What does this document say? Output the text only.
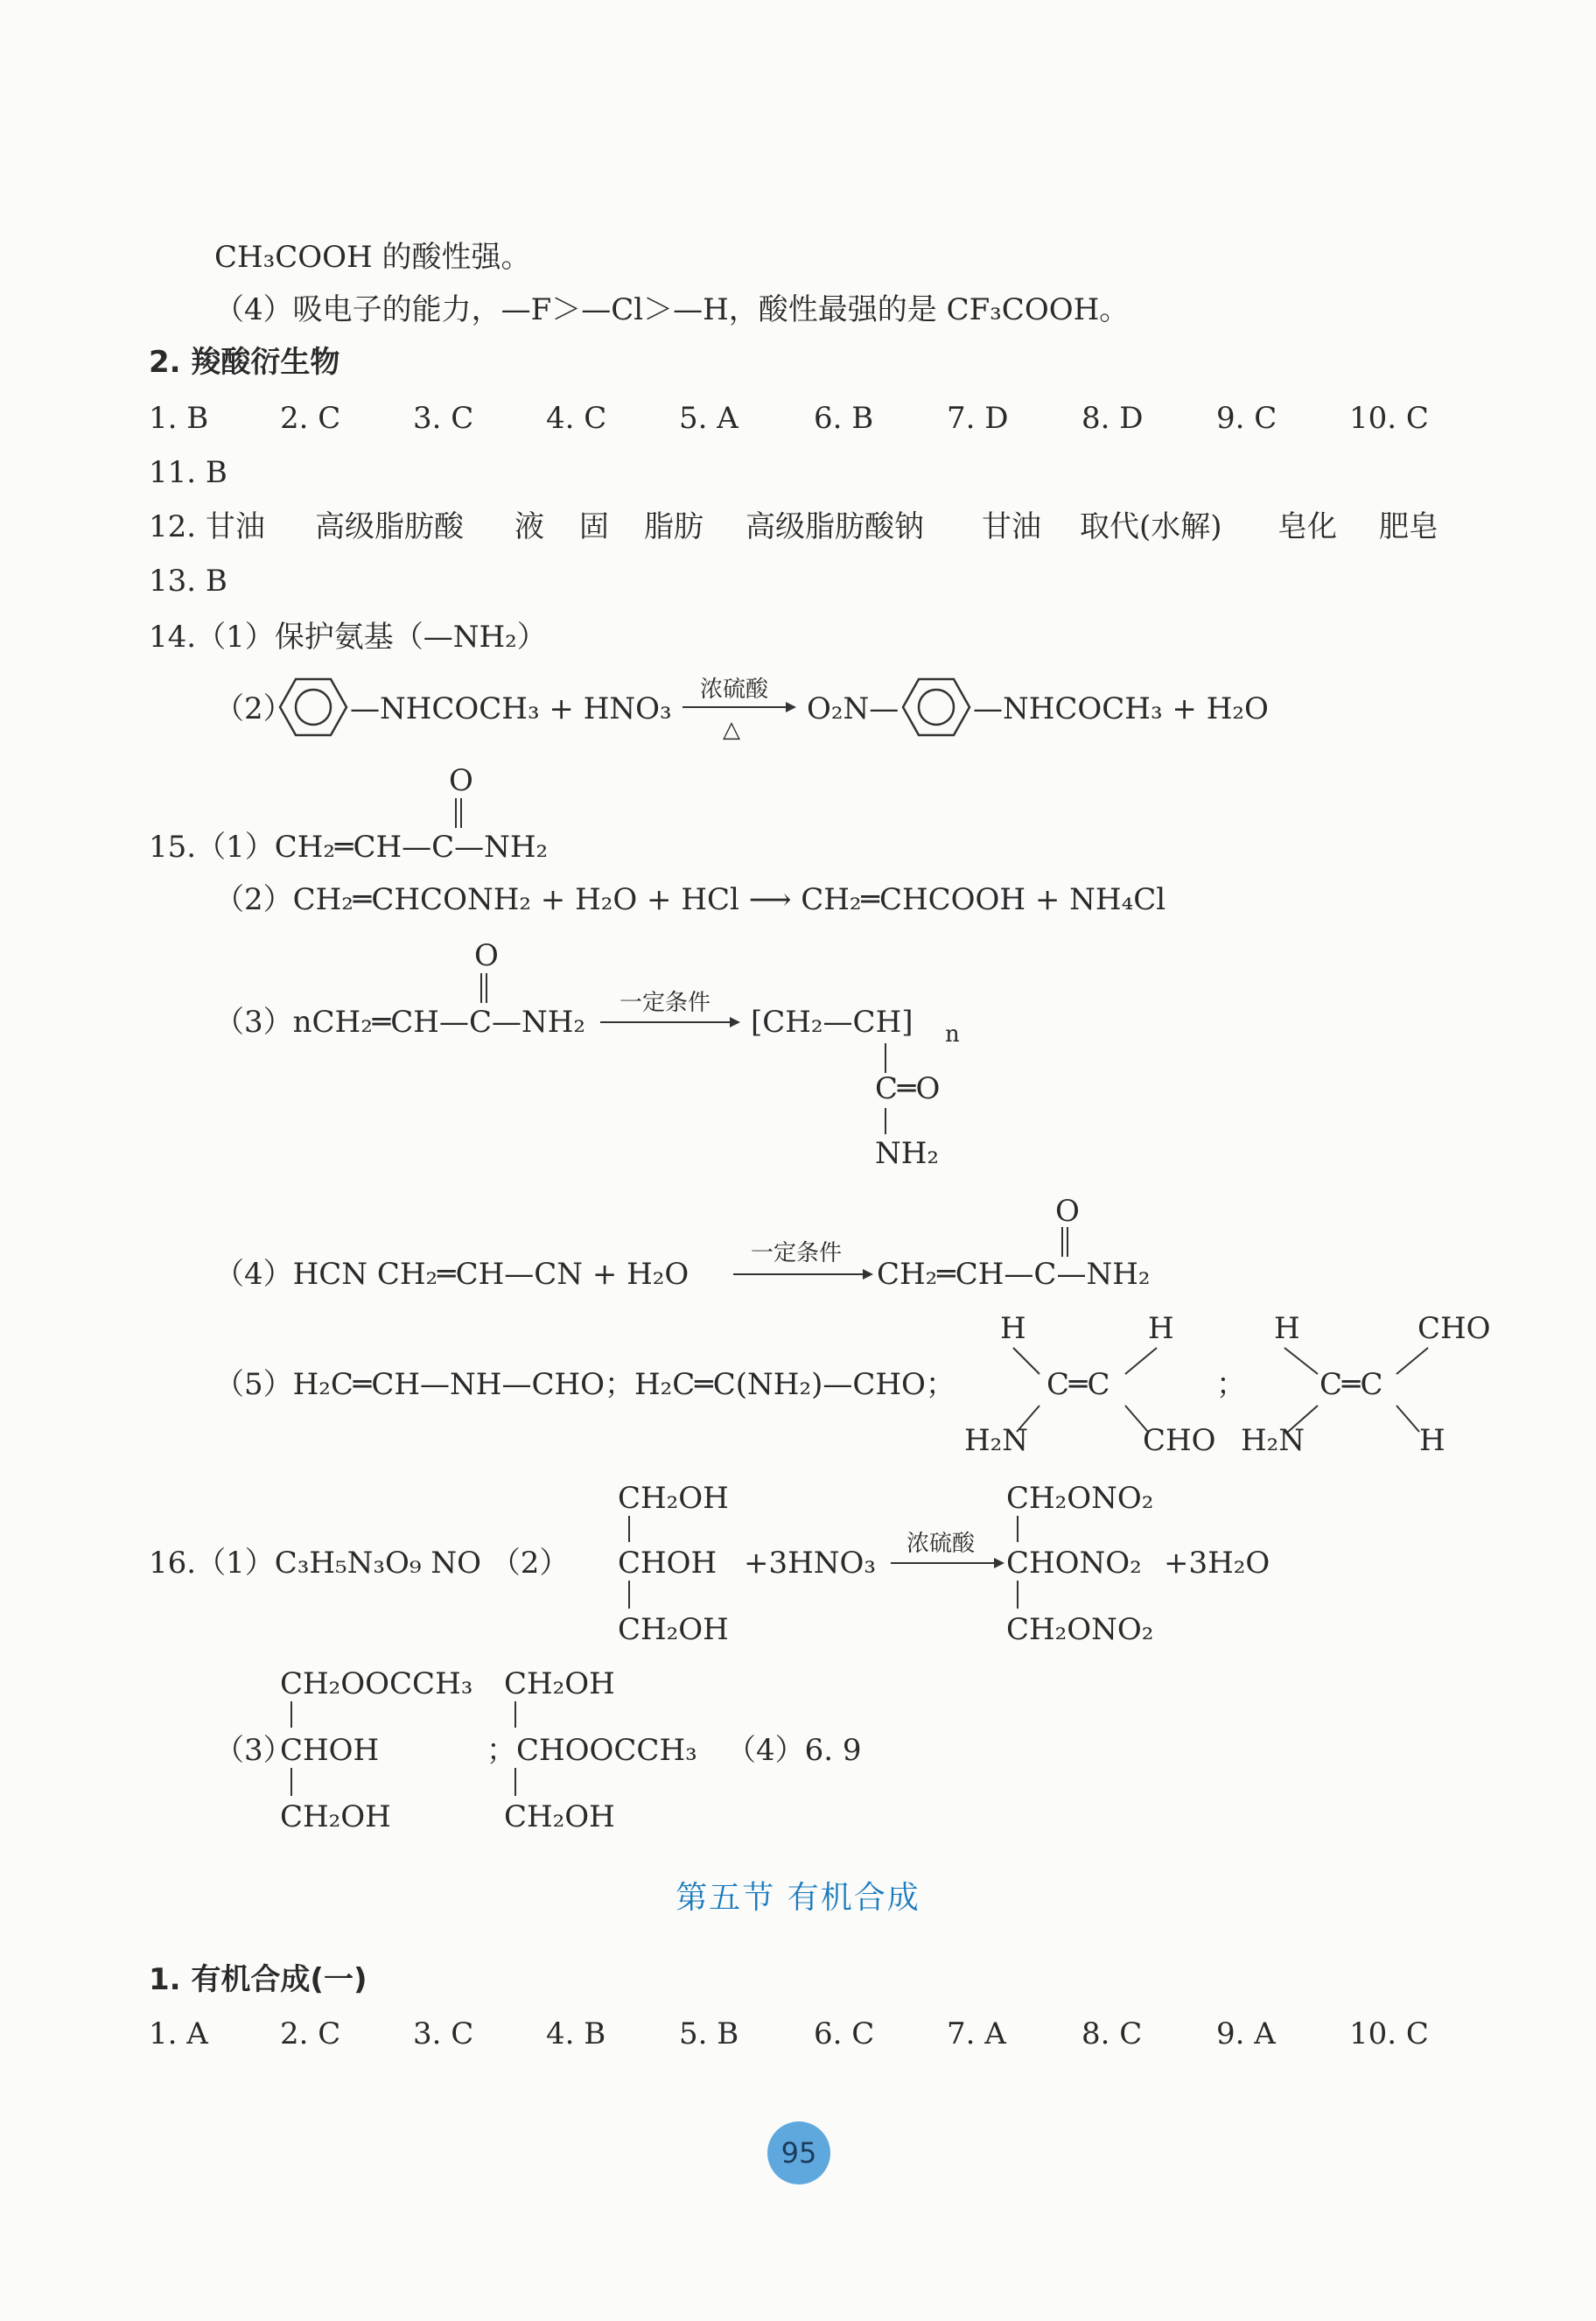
CH₃COOH 的酸性强。
（4）吸电子的能力，—F＞—Cl＞—H，酸性最强的是 CF₃COOH。
2. 羧酸衍生物
1. B 2. C 3. C 4. C 5. A	6. B 7. D 8. D 9. C 10. C
11. B
12. 甘油 高级脂肪酸 液 固 脂肪 高级脂肪酸钠 甘油 取代(水解) 皂化 肥皂
13. B
14.（1）保护氨基（—NH₂）
（2） —NHCOCH₃ + HNO₃
浓硫酸
△
O₂N— —NHCOCH₃ + H₂O
O
15.（1）CH₂═CH—C—NH₂
（2）CH₂═CHCONH₂ + H₂O + HCl ⟶ CH₂═CHCOOH + NH₄Cl
O
（3）nCH₂═CH—C—NH₂
一定条件
[CH₂—CH] n
C═O
NH₂
O
（4）HCN CH₂═CH—CN + H₂O
一定条件
CH₂═CH—C—NH₂
（5）H₂C═CH—NH—CHO；H₂C═C(NH₂)—CHO；
H	H
C═C
H₂N	CHO
；
H	CHO
C═C
H₂N	H
CH₂OH
16.（1）C₃H₅N₃O₉ NO （2） CHOH
CH₂OH
+3HNO₃
浓硫酸
CH₂ONO₂
CHONO₂
CH₂ONO₂
+3H₂O
CH₂OOCCH₃
（3）
CHOH
CH₂OH
CH₂OH
；CHOOCCH₃
CH₂OH
（4）6. 9
第五节 有机合成
1. 有机合成(一)
1. A 2. C 3. C 4. B 5. B	6. C 7. A	8. C 9. A 10. C
95
